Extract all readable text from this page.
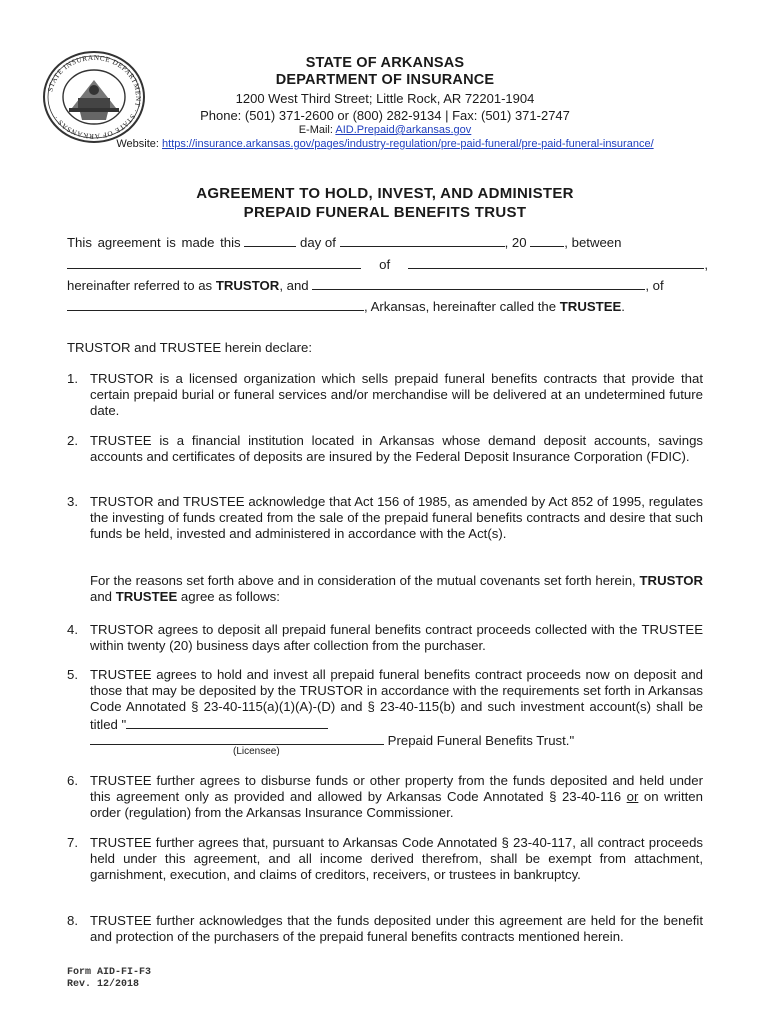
STATE INSURANCE DEPARTMENT · STATE OF ARKANSAS ·
STATE OF ARKANSAS
DEPARTMENT OF INSURANCE
1200 West Third Street; Little Rock, AR 72201-1904
Phone: (501) 371-2600 or (800) 282-9134 | Fax: (501) 371-2747
E-Mail: AID.Prepaid@arkansas.gov
Website: https://insurance.arkansas.gov/pages/industry-regulation/pre-paid-funeral/pre-paid-funeral-insurance/
AGREEMENT TO HOLD, INVEST, AND ADMINISTER
PREPAID FUNERAL BENEFITS TRUST
This agreement is made this	day of	, 20	, between
of	,
hereinafter referred to as TRUSTOR, and	, of
, Arkansas, hereinafter called the TRUSTEE.
TRUSTOR and TRUSTEE herein declare:
1. TRUSTOR is a licensed organization which sells prepaid funeral benefits contracts that provide that certain prepaid burial or funeral services and/or merchandise will be delivered at an undetermined future date.
2. TRUSTEE is a financial institution located in Arkansas whose demand deposit accounts, savings accounts and certificates of deposits are insured by the Federal Deposit Insurance Corporation (FDIC).
3. TRUSTOR and TRUSTEE acknowledge that Act 156 of 1985, as amended by Act 852 of 1995, regulates the investing of funds created from the sale of the prepaid funeral benefits contracts and desire that such funds be held, invested and administered in accordance with the Act(s).
For the reasons set forth above and in consideration of the mutual covenants set forth herein, TRUSTOR and TRUSTEE agree as follows:
4. TRUSTOR agrees to deposit all prepaid funeral benefits contract proceeds collected with the TRUSTEE within twenty (20) business days after collection from the purchaser.
5. TRUSTEE agrees to hold and invest all prepaid funeral benefits contract proceeds now on deposit and those that may be deposited by the TRUSTOR in accordance with the requirements set forth in Arkansas Code Annotated § 23-40-115(a)(1)(A)-(D) and § 23-40-115(b) and such investment account(s) shall be titled "
Prepaid Funeral Benefits Trust."
(Licensee)
6. TRUSTEE further agrees to disburse funds or other property from the funds deposited and held under this agreement only as provided and allowed by Arkansas Code Annotated § 23-40-116 or on written order (regulation) from the Arkansas Insurance Commissioner.
7. TRUSTEE further agrees that, pursuant to Arkansas Code Annotated § 23-40-117, all contract proceeds held under this agreement, and all income derived therefrom, shall be exempt from attachment, garnishment, execution, and claims of creditors, receivers, or trustees in bankruptcy.
8. TRUSTEE further acknowledges that the funds deposited under this agreement are held for the benefit and protection of the purchasers of the prepaid funeral benefits contracts mentioned herein.
Form AID-FI-F3
Rev. 12/2018
